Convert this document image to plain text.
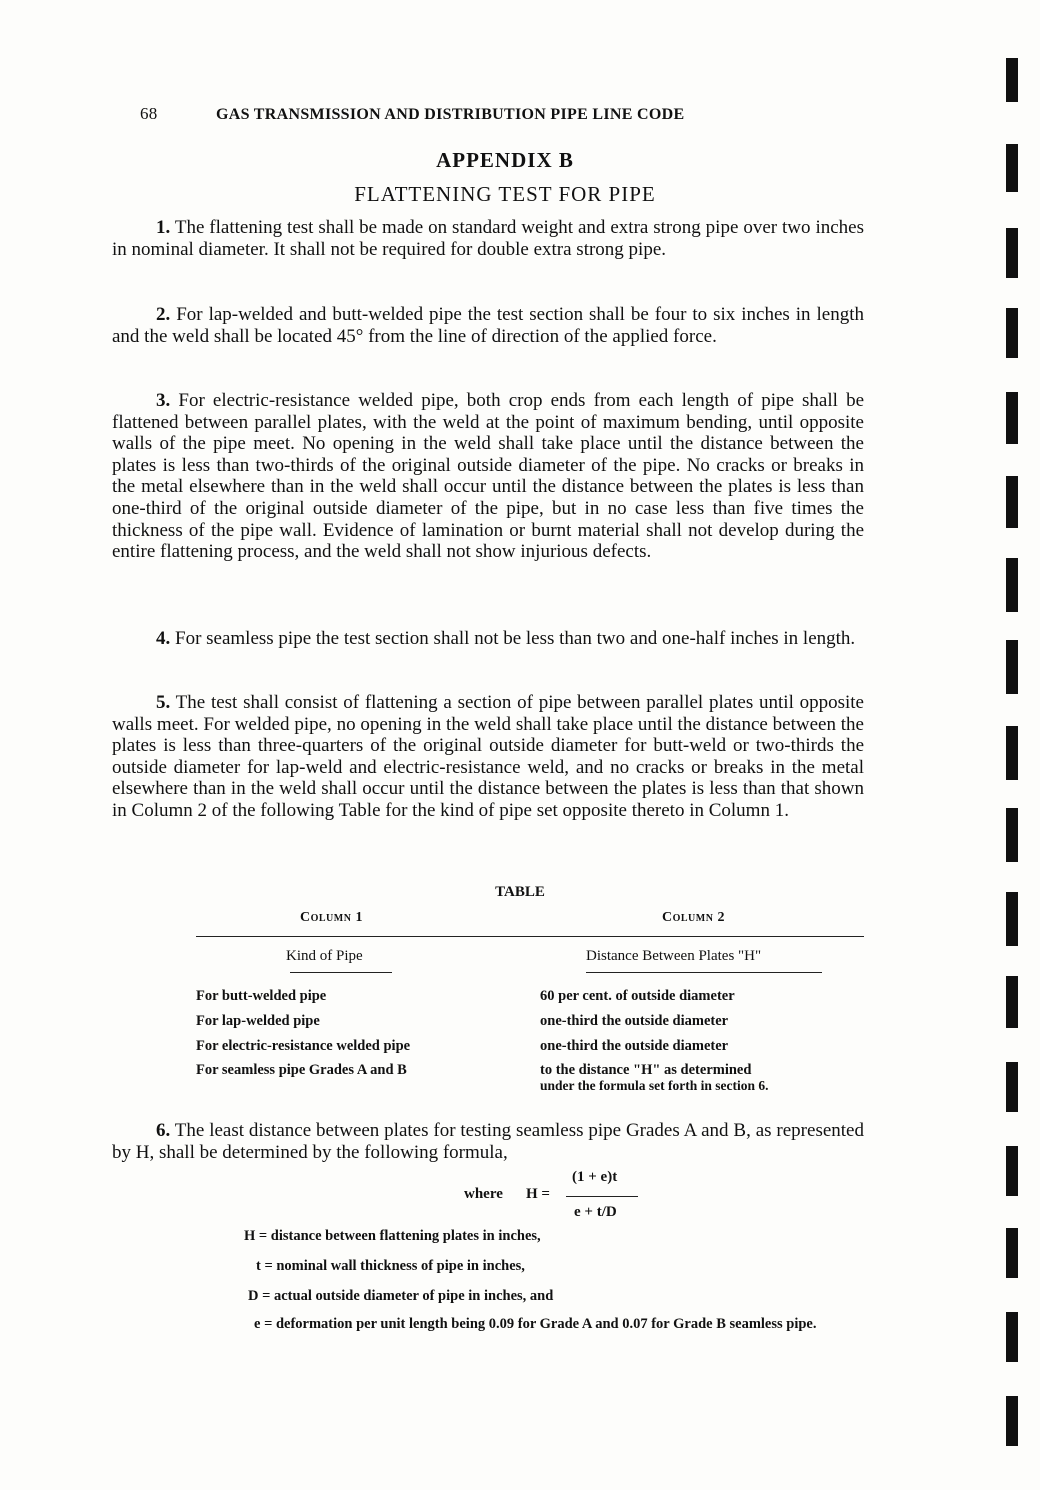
68	GAS TRANSMISSION AND DISTRIBUTION PIPE LINE CODE
APPENDIX B
FLATTENING TEST FOR PIPE

1. The flattening test shall be made on standard weight and extra strong pipe over two inches in nominal diameter. It shall not be required for double extra strong pipe.

2. For lap-welded and butt-welded pipe the test section shall be four to six inches in length and the weld shall be located 45° from the line of direction of the applied force.

3. For electric-resistance welded pipe, both crop ends from each length of pipe shall be flattened between parallel plates, with the weld at the point of maximum bending, until opposite walls of the pipe meet. No opening in the weld shall take place until the distance between the plates is less than two-thirds of the original outside diameter of the pipe. No cracks or breaks in the metal elsewhere than in the weld shall occur until the distance between the plates is less than one-third of the original outside diameter of the pipe, but in no case less than five times the thickness of the pipe wall. Evidence of lamination or burnt material shall not develop during the entire flattening process, and the weld shall not show injurious defects.

4. For seamless pipe the test section shall not be less than two and one-half inches in length.

5. The test shall consist of flattening a section of pipe between parallel plates until opposite walls meet. For welded pipe, no opening in the weld shall take place until the distance between the plates is less than three-quarters of the original outside diameter for butt-weld or two-thirds the outside diameter for lap-weld and electric-resistance weld, and no cracks or breaks in the metal elsewhere than in the weld shall occur until the distance between the plates is less than that shown in Column 2 of the following Table for the kind of pipe set opposite thereto in Column 1.

TABLE
Column 1	Column 2
Kind of Pipe	Distance Between Plates "H"
For butt-welded pipe	60 per cent. of outside diameter
For lap-welded pipe	one-third the outside diameter
For electric-resistance welded pipe	one-third the outside diameter
For seamless pipe Grades A and B	to the distance "H" as determined
under the formula set forth in section 6.

6. The least distance between plates for testing seamless pipe Grades A and B, as represented by H, shall be determined by the following formula,

where H =
(1 + e)t
e + t/D
H = distance between flattening plates in inches,
t = nominal wall thickness of pipe in inches,
D = actual outside diameter of pipe in inches, and
e = deformation per unit length being 0.09 for Grade A and 0.07 for Grade B seamless pipe.
